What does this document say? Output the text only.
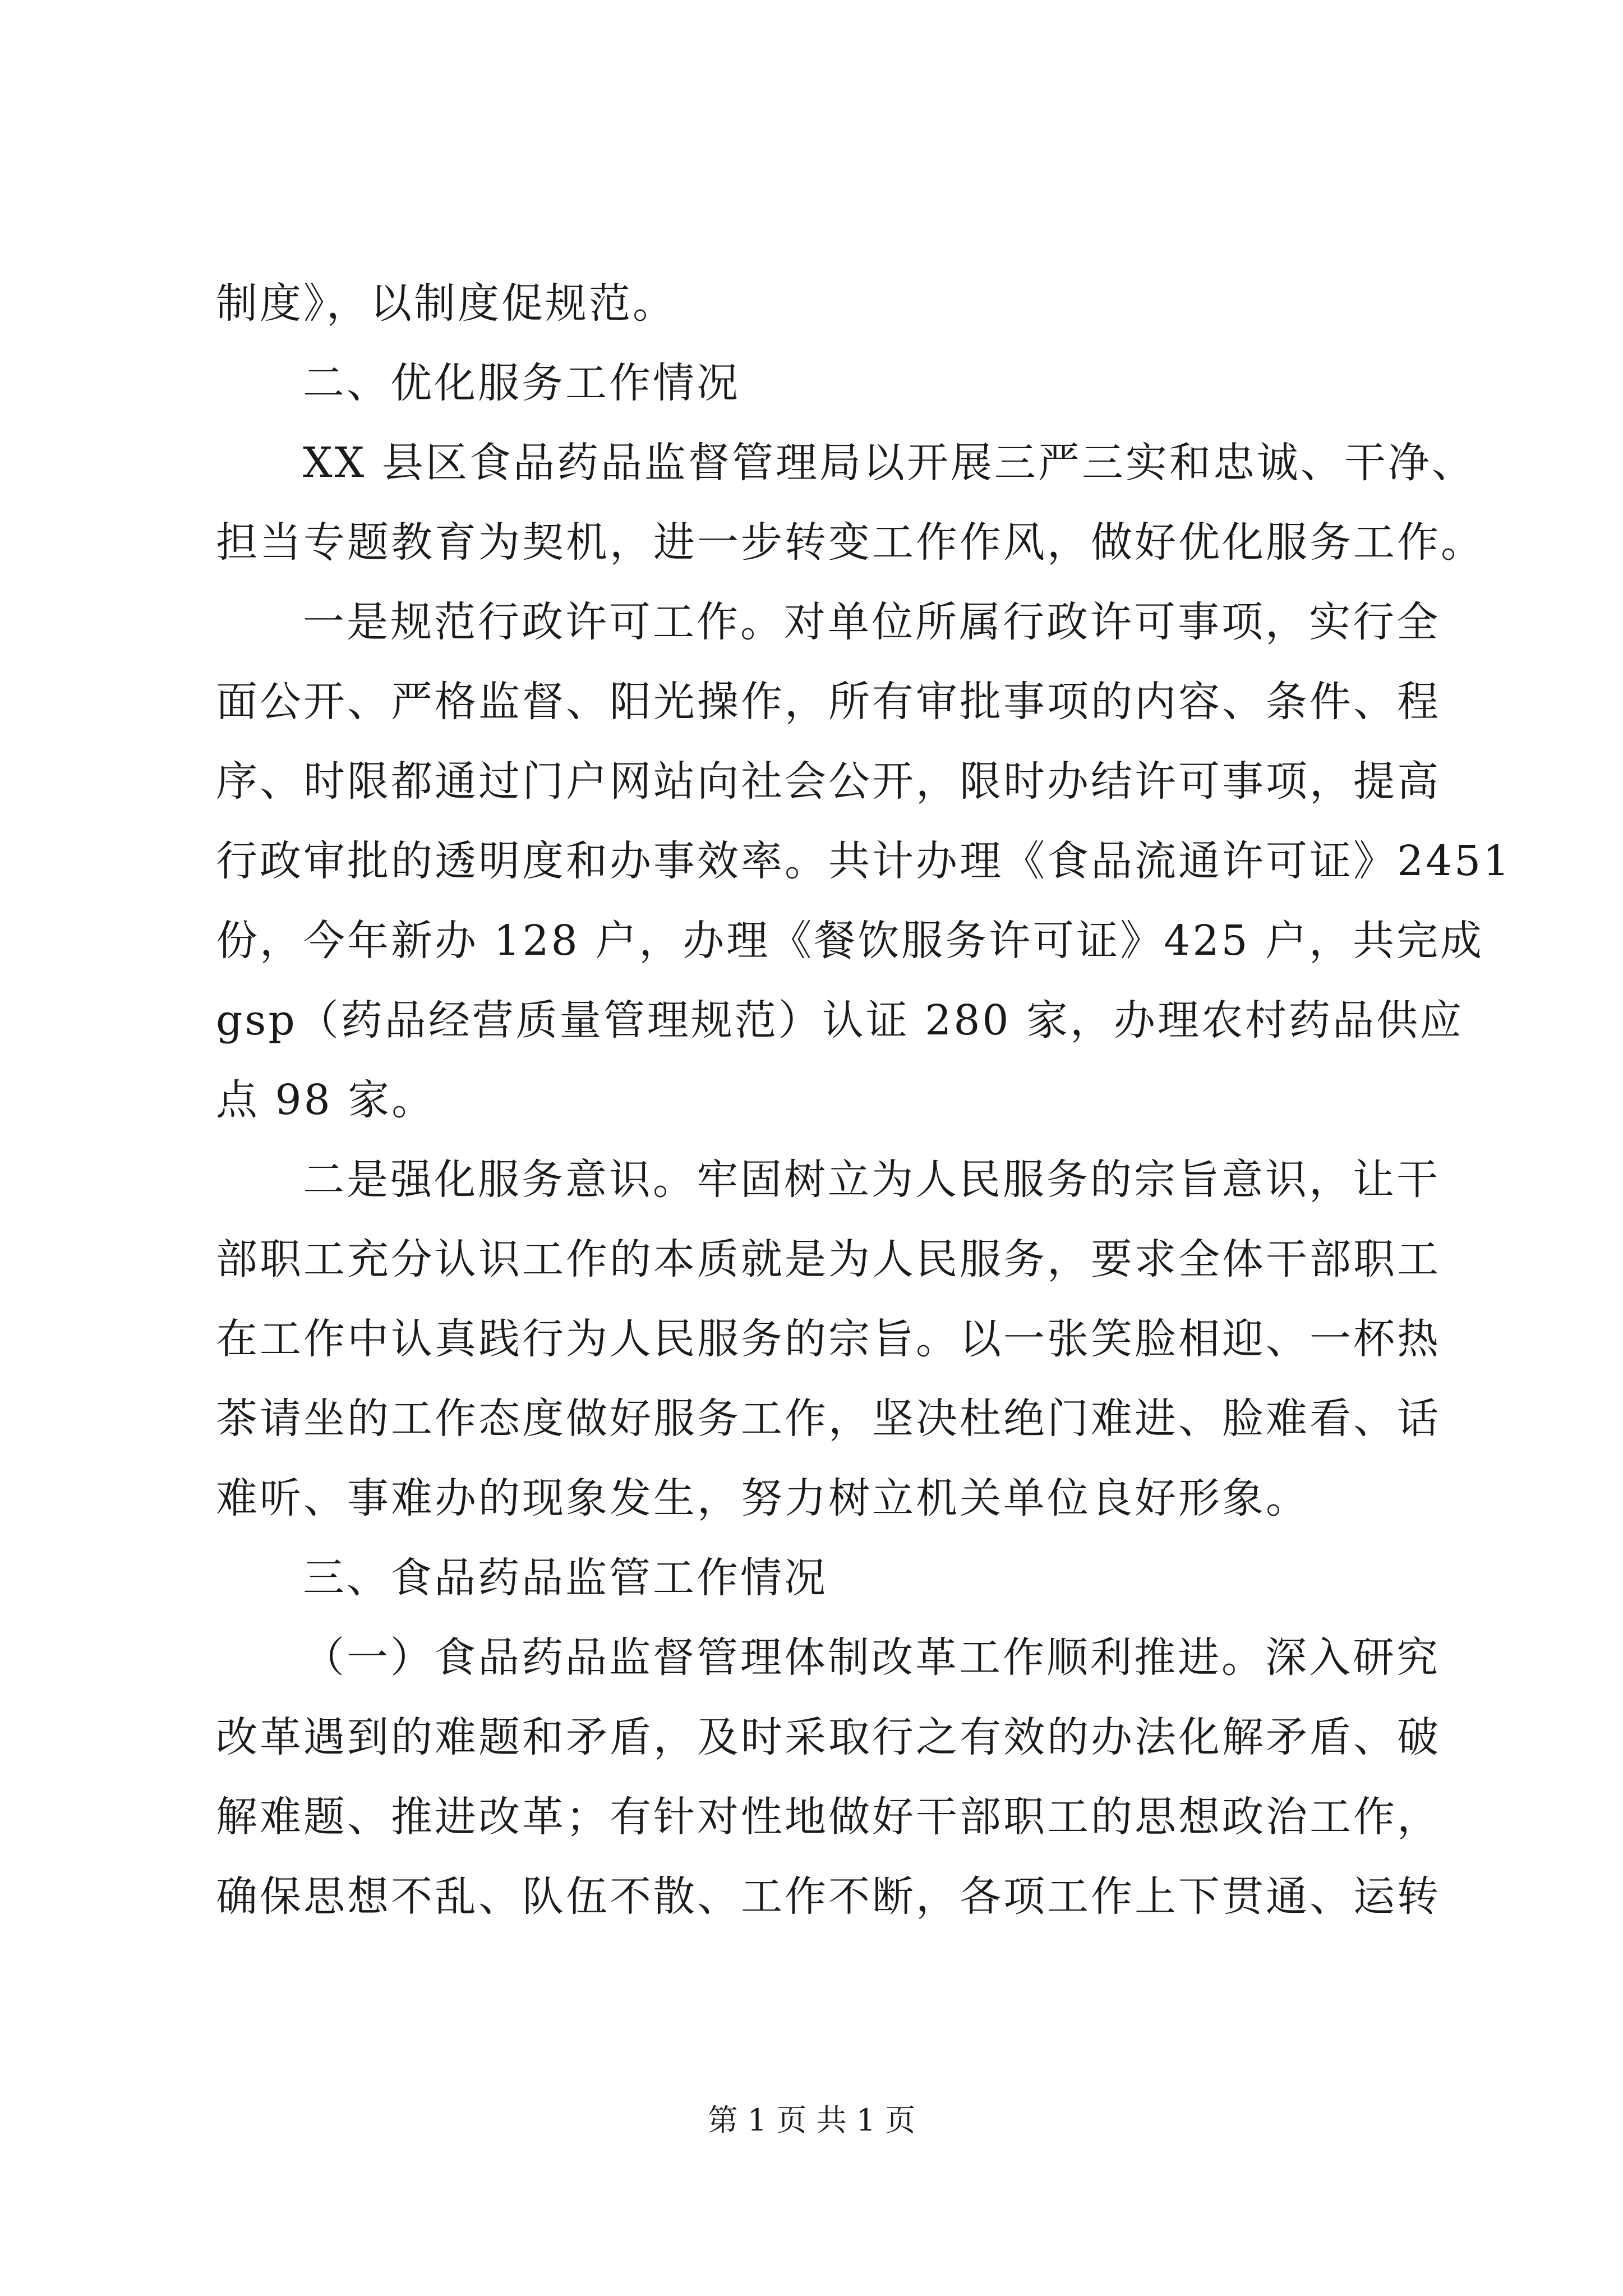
制度》，以制度促规范。
二、优化服务工作情况
XX 县区食品药品监督管理局以开展三严三实和忠诚、干净、
担当专题教育为契机，进一步转变工作作风，做好优化服务工作。
一是规范行政许可工作。对单位所属行政许可事项，实行全
面公开、严格监督、阳光操作，所有审批事项的内容、条件、程
序、时限都通过门户网站向社会公开，限时办结许可事项，提高
行政审批的透明度和办事效率。共计办理《食品流通许可证》2451
份，今年新办 128 户，办理《餐饮服务许可证》425 户，共完成
gsp（药品经营质量管理规范）认证 280 家，办理农村药品供应
点 98 家。
二是强化服务意识。牢固树立为人民服务的宗旨意识，让干
部职工充分认识工作的本质就是为人民服务，要求全体干部职工
在工作中认真践行为人民服务的宗旨。以一张笑脸相迎、一杯热
茶请坐的工作态度做好服务工作，坚决杜绝门难进、脸难看、话
难听、事难办的现象发生，努力树立机关单位良好形象。
三、食品药品监管工作情况
（一）食品药品监督管理体制改革工作顺利推进。深入研究
改革遇到的难题和矛盾，及时采取行之有效的办法化解矛盾、破
解难题、推进改革；有针对性地做好干部职工的思想政治工作，
确保思想不乱、队伍不散、工作不断，各项工作上下贯通、运转
第 1 页 共 1 页
